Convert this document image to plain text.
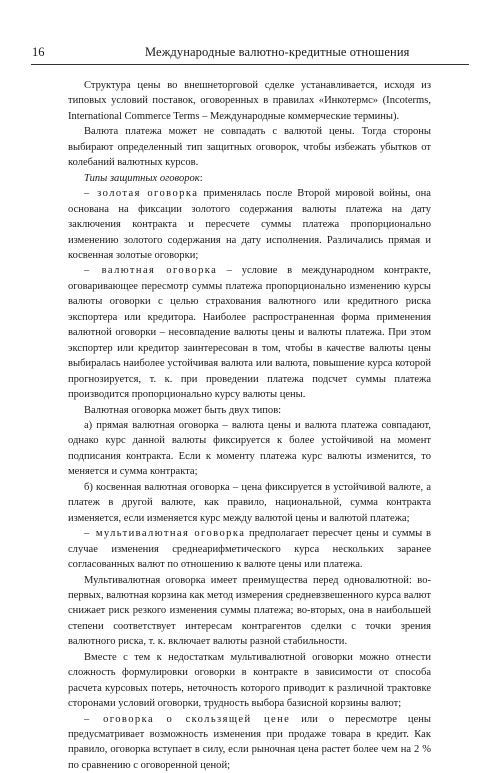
16	Международные валютно-кредитные отношения

Структура цены во внешнеторговой сделке устанавливается, исходя из типовых условий поставок, оговоренных в правилах «Инкотермс» (Incoterms, International Commerce Terms – Международные коммерческие термины).

Валюта платежа может не совпадать с валютой цены. Тогда стороны выбирают определенный тип защитных оговорок, чтобы избежать убытков от колебаний валютных курсов.

Типы защитных оговорок:

– золотая оговорка применялась после Второй мировой войны, она основана на фиксации золотого содержания валюты платежа на дату заключения контракта и пересчете суммы платежа пропорционально изменению золотого содержания на дату исполнения. Различались прямая и косвенная золотые оговорки;

– валютная оговорка – условие в международном контракте, оговаривающее пересмотр суммы платежа пропорционально изменению курсы валюты оговорки с целью страхования валютного или кредитного риска экспортера или кредитора. Наиболее распространенная форма применения валютной оговорки – несовпадение валюты цены и валюты платежа. При этом экспортер или кредитор заинтересован в том, чтобы в качестве валюты цены выбиралась наиболее устойчивая валюта или валюта, повышение курса которой прогнозируется, т. к. при проведении платежа подсчет суммы платежа производится пропорционально курсу валюты цены.

Валютная оговорка может быть двух типов:

а) прямая валютная оговорка – валюта цены и валюта платежа совпадают, однако курс данной валюты фиксируется к более устойчивой на момент подписания контракта. Если к моменту платежа курс валюты изменится, то меняется и сумма контракта;

б) косвенная валютная оговорка – цена фиксируется в устойчивой валюте, а платеж в другой валюте, как правило, национальной, сумма контракта изменяется, если изменяется курс между валютой цены и валютой платежа;

– мультивалютная оговорка предполагает пересчет цены и суммы в случае изменения среднеарифметического курса нескольких заранее согласованных валют по отношению к валюте цены или платежа.

Мультивалютная оговорка имеет преимущества перед одновалютной: во-первых, валютная корзина как метод измерения средневзвешенного курса валют снижает риск резкого изменения суммы платежа; во-вторых, она в наибольшей степени соответствует интересам контрагентов сделки с точки зрения валютного риска, т. к. включает валюты разной стабильности.

Вместе с тем к недостаткам мультивалютной оговорки можно отнести сложность формулировки оговорки в контракте в зависимости от способа расчета курсовых потерь, неточность которого приводит к различной трактовке сторонами условий оговорки, трудность выбора базисной корзины валют;

– оговорка о скользящей цене или о пересмотре цены предусматривает возможность изменения при продаже товара в кредит. Как правило, оговорка вступает в силу, если рыночная цена растет более чем на 2 % по сравнению с оговоренной ценой;
